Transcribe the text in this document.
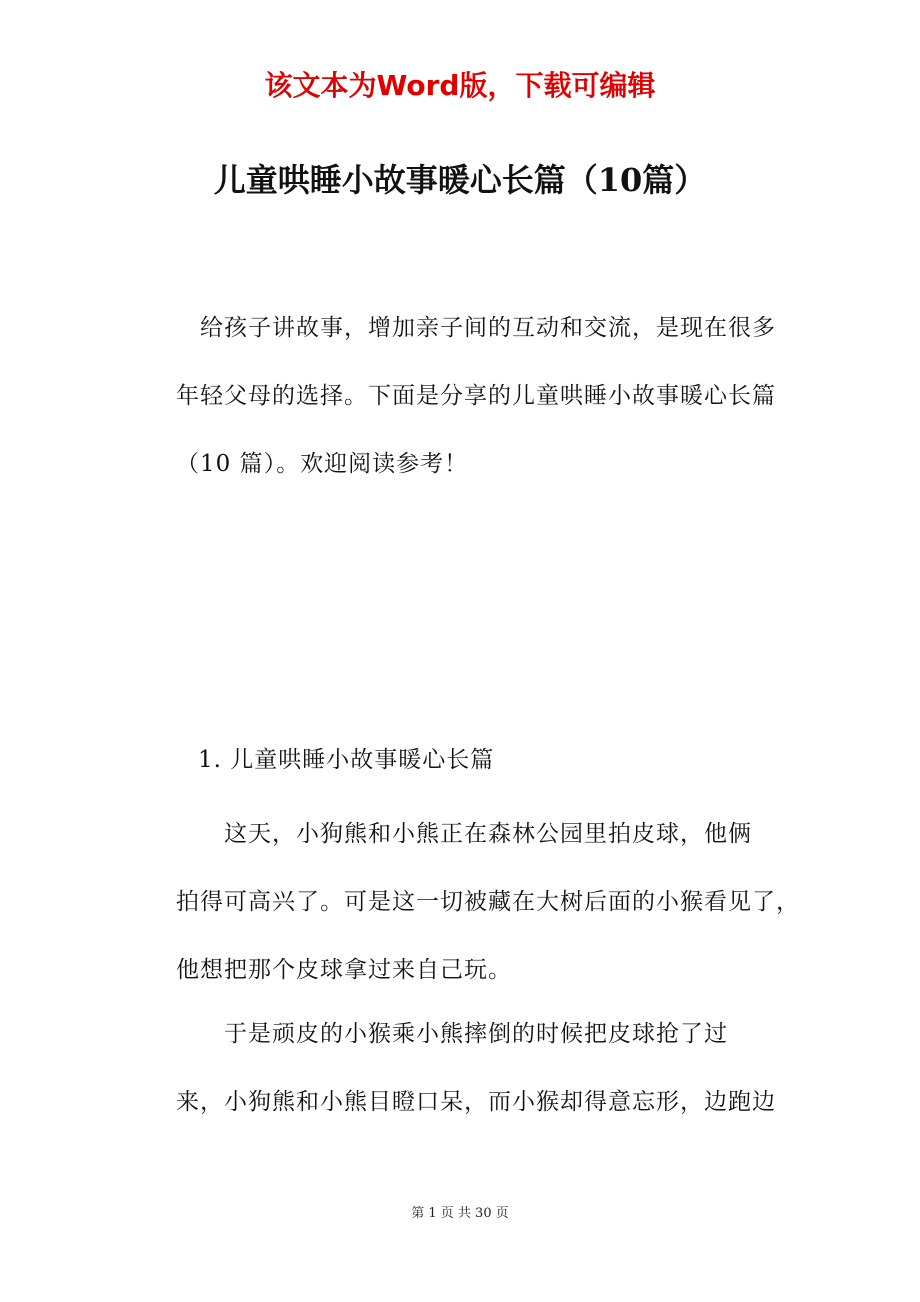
该文本为Word版，下载可编辑

儿童哄睡小故事暖心长篇（10篇）

　给孩子讲故事，增加亲子间的互动和交流，是现在很多
年轻父母的选择。下面是分享的儿童哄睡小故事暖心长篇
（10 篇）。欢迎阅读参考！

1. 儿童哄睡小故事暖心长篇

　　这天，小狗熊和小熊正在森林公园里拍皮球，他俩
拍得可高兴了。可是这一切被藏在大树后面的小猴看见了，
他想把那个皮球拿过来自己玩。

　　于是顽皮的小猴乘小熊摔倒的时候把皮球抢了过
来，小狗熊和小熊目瞪口呆，而小猴却得意忘形，边跑边

第 1 页 共 30 页
